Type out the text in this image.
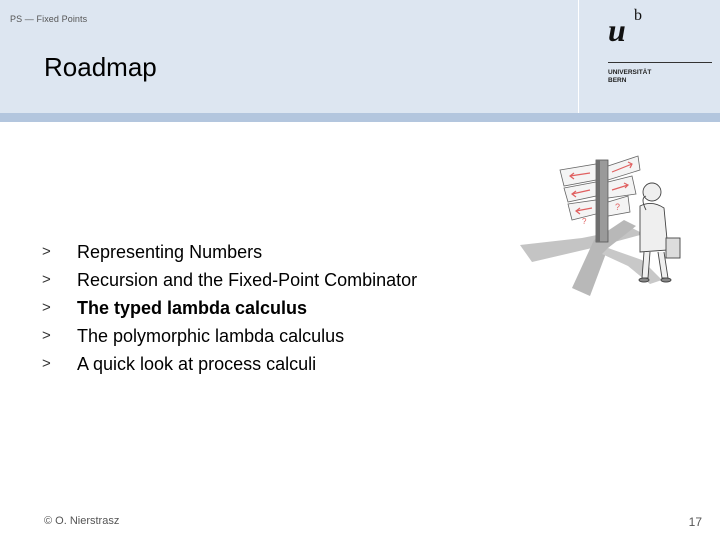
PS — Fixed Points
Roadmap
u b
UNIVERSITÄT
BERN
> Representing Numbers
> Recursion and the Fixed-Point Combinator
> The typed lambda calculus
> The polymorphic lambda calculus
> A quick look at process calculi
?
?
© O. Nierstrasz	17
